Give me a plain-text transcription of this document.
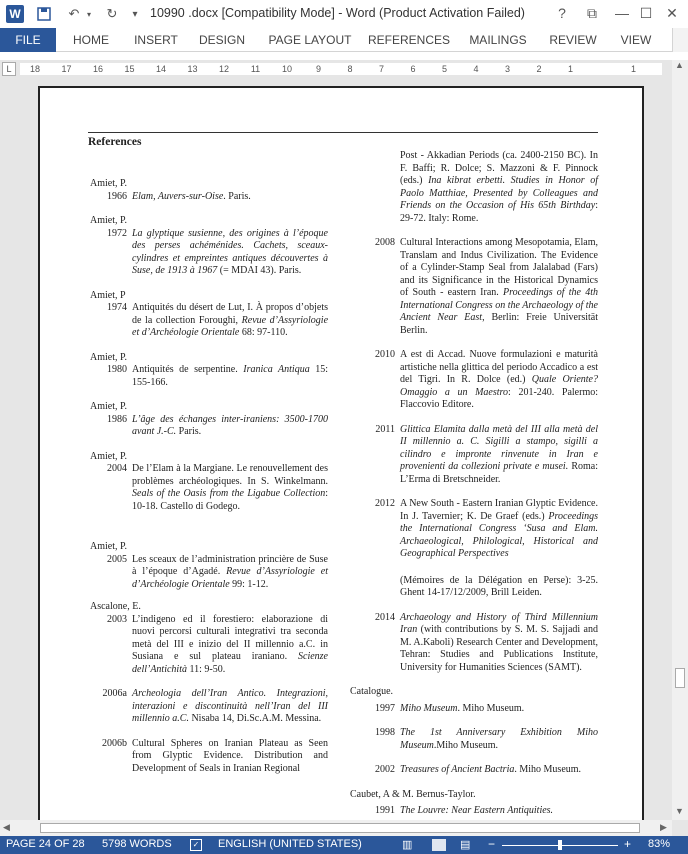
W	↶ ▾ ↻ ▾ 10990 .docx [Compatibility Mode] - Word (Product Activation Failed)	?	⧉	— ☐ ✕
FILE	HOME	INSERT	DESIGN	PAGE LAYOUT	REFERENCES	MAILINGS	REVIEW	VIEW
L	18 17 16 15 14 13 12 11 10	9	8	7	6	5	4	3	2	1	1
References
Amiet, P.
1966 Elam, Auvers-sur-Oise. Paris.
Amiet, P.
1972 La glyptique susienne, des origines à l’époque des perses achéménides. Cachets, sceaux-cylindres et empreintes antiques découvertes à Suse, de 1913 à 1967 (= MDAI 43). Paris.
Amiet, P
1974 Antiquités du désert de Lut, I. À propos d’objets de la collection Foroughi, Revue d’Assyriologie et d’Archéologie Orientale 68: 97-110.
Amiet, P.
1980 Antiquités de serpentine. Iranica Antiqua 15: 155-166.
Amiet, P.
1986 L’âge des échanges inter-iraniens: 3500-1700 avant J.-C. Paris.
Amiet, P.
2004 De l’Elam à la Margiane. Le renouvellement des problèmes archéologiques. In S. Winkelmann. Seals of the Oasis from the Ligabue Collection: 10-18. Castello di Godego.
Amiet, P.
2005 Les sceaux de l’administration princière de Suse à l’époque d’Agadé. Revue d’Assyriologie et d’Archéologie Orientale 99: 1-12.
Ascalone, E.
2003 L’indigeno ed il forestiero: elaborazione di nuovi percorsi culturali integrativi tra seconda metà del III e inizio del II millennio a.C. in Susiana e sul plateau iraniano. Scienze dell’Antichità 11: 9-50.
2006a Archeologia dell’Iran Antico. Integrazioni, interazioni e discontinuità nell’Iran del III millennio a.C. Nisaba 14, Di.Sc.A.M. Messina.
2006b Cultural Spheres on Iranian Plateau as Seen from Glyptic Evidence. Distribution and Development of Seals in Iranian Regional
Post - Akkadian Periods (ca. 2400-2150 BC). In F. Baffi; R. Dolce; S. Mazzoni & F. Pinnock (eds.) Ina kibrat erbetti. Studies in Honor of Paolo Matthiae, Presented by Colleagues and Friends on the Occasion of His 65th Birthday: 29-72. Italy: Rome.
2008 Cultural Interactions among Mesopotamia, Elam, Translam and Indus Civilization. The Evidence of a Cylinder-Stamp Seal from Jalalabad (Fars) and its Significance in the Historical Dynamics of South - eastern Iran. Proceedings of the 4th International Congress on the Archaeology of the Ancient Near East, Berlin: Freie Universität Berlin.
2010 A est di Accad. Nuove formulazioni e maturità artistiche nella glittica del periodo Accadico a est del Tigri. In R. Dolce (ed.) Quale Oriente? Omaggio a un Maestro: 201-240. Palermo: Flaccovio Editore.
2011 Glittica Elamita dalla metà del III alla metà del II millennio a. C. Sigilli a stampo, sigilli a cilindro e impronte rinvenute in Iran e provenienti da collezioni private e musei. Roma: L’Erma di Bretschneider.
2012 A New South - Eastern Iranian Glyptic Evidence. In J. Tavernier; K. De Graef (eds.) Proceedings the International Congress ‘Susa and Elam. Archaeological, Philological, Historical and Geographical Perspectives
(Mémoires de la Délégation en Perse): 3-25. Ghent 14-17/12/2009, Brill Leiden.
2014 Archaeology and History of Third Millennium Iran (with contributions by S. M. S. Sajjadi and M. A.Kaboli) Research Center and Development, Tehran: Studies and Publications Institute, University for Humanities Sciences (SAMT).
Catalogue.
1997 Miho Museum. Miho Museum.
1998 The 1st Anniversary Exhibition Miho Museum.Miho Museum.
2002 Treasures of Ancient Bactria. Miho Museum.
Caubet, A & M. Bernus-Taylor.
1991 The Louvre: Near Eastern Antiquities.
▲
▼
◀	▶
PAGE 24 OF 28 5798 WORDS	✓ ENGLISH (UNITED STATES)	▥	▤ −	+ 83%
